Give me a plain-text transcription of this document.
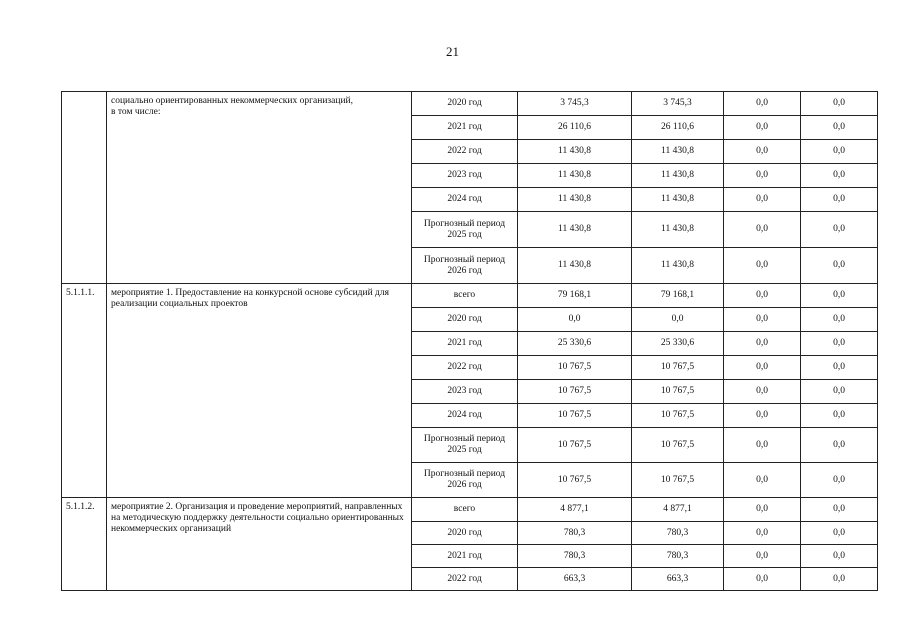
21
	социально ориентированных некоммерческих организаций,
в том числе:	2020 год	3 745,3	3 745,3	0,0	0,0
		2021 год	26 110,6	26 110,6	0,0	0,0
		2022 год	11 430,8	11 430,8	0,0	0,0
		2023 год	11 430,8	11 430,8	0,0	0,0
		2024 год	11 430,8	11 430,8	0,0	0,0
		Прогнозный период
2025 год	11 430,8	11 430,8	0,0	0,0
		Прогнозный период
2026 год	11 430,8	11 430,8	0,0	0,0
5.1.1.1.	мероприятие 1. Предоставление на конкурсной основе субсидий для реализации социальных проектов	всего	79 168,1	79 168,1	0,0	0,0
		2020 год	0,0	0,0	0,0	0,0
		2021 год	25 330,6	25 330,6	0,0	0,0
		2022 год	10 767,5	10 767,5	0,0	0,0
		2023 год	10 767,5	10 767,5	0,0	0,0
		2024 год	10 767,5	10 767,5	0,0	0,0
		Прогнозный период
2025 год	10 767,5	10 767,5	0,0	0,0
		Прогнозный период
2026 год	10 767,5	10 767,5	0,0	0,0
5.1.1.2.	мероприятие 2. Организация и проведение мероприятий, направленных на методическую поддержку деятельности социально ориентированных некоммерческих организаций	всего	4 877,1	4 877,1	0,0	0,0
		2020 год	780,3	780,3	0,0	0,0
		2021 год	780,3	780,3	0,0	0,0
		2022 год	663,3	663,3	0,0	0,0
